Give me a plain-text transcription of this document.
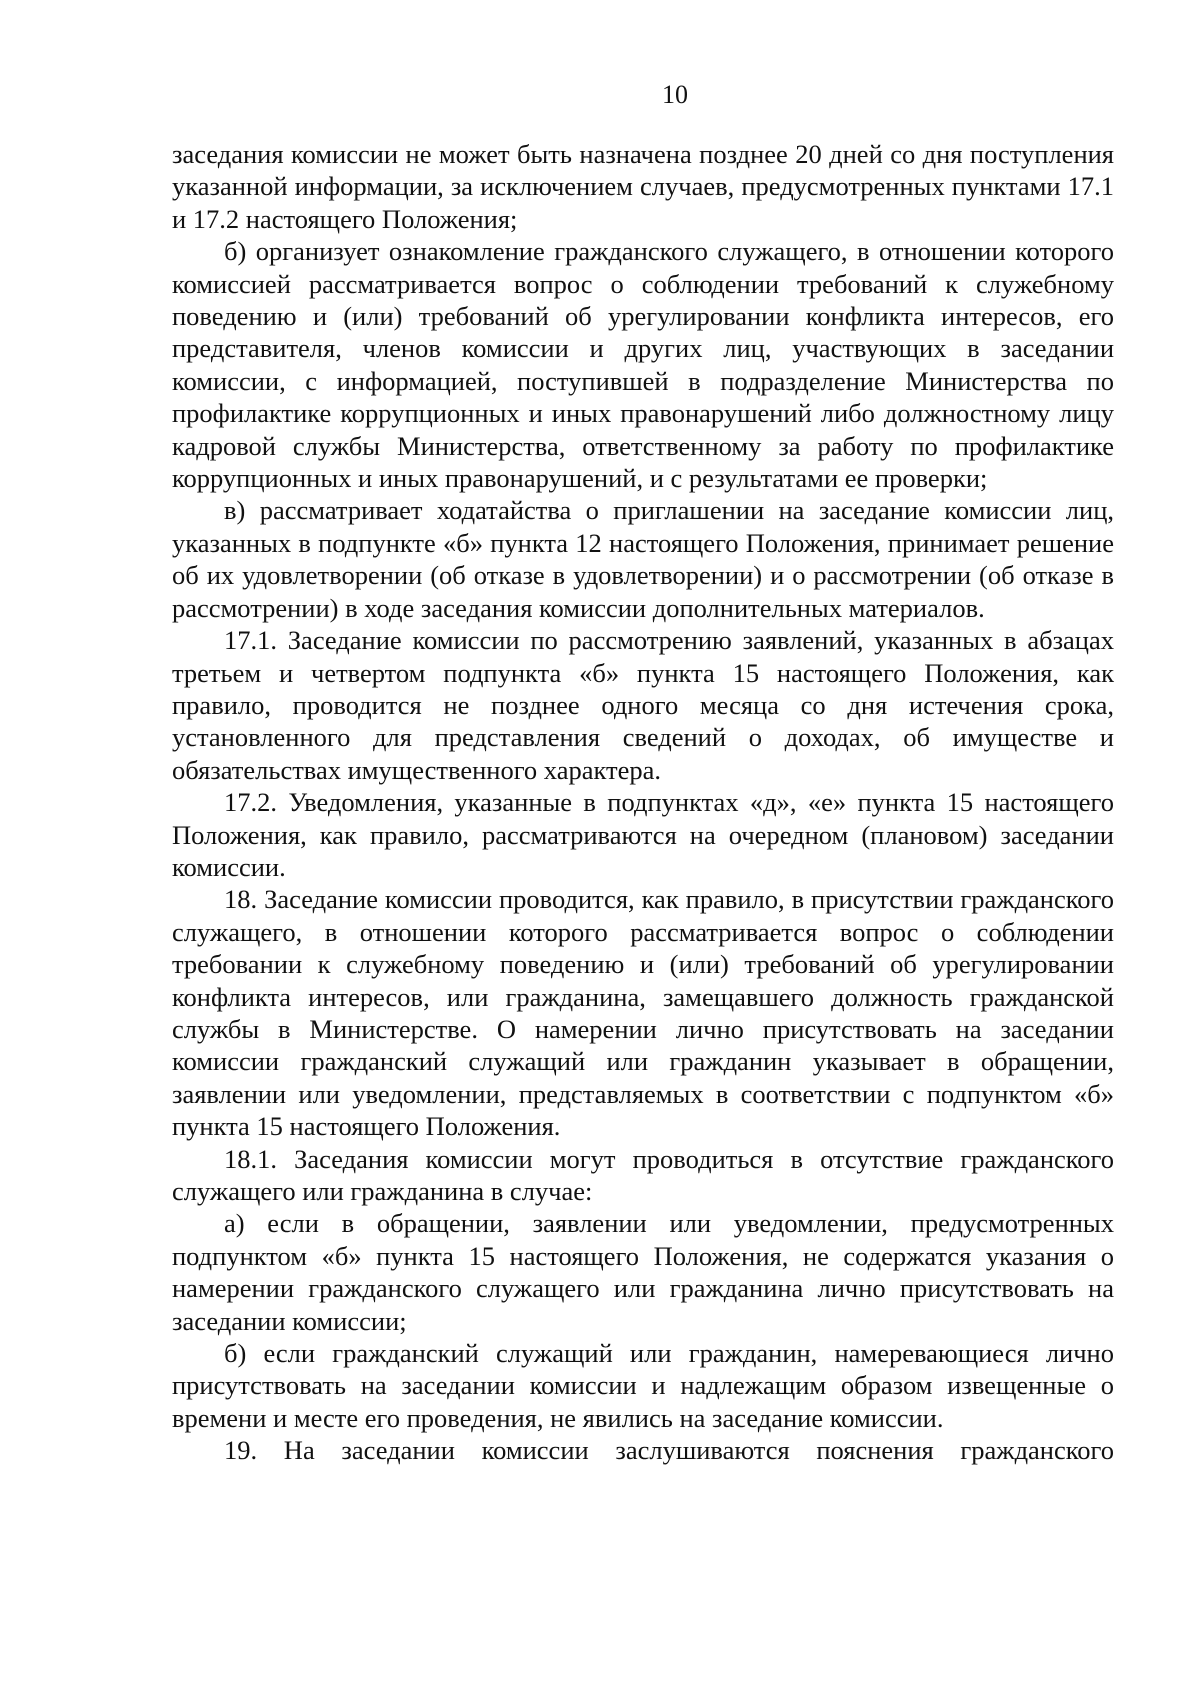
10

заседания комиссии не может быть назначена позднее 20 дней со дня поступления указанной информации, за исключением случаев, предусмотренных пунктами 17.1 и 17.2 настоящего Положения;

б) организует ознакомление гражданского служащего, в отношении которого комиссией рассматривается вопрос о соблюдении требований к служебному поведению и (или) требований об урегулировании конфликта интересов, его представителя, членов комиссии и других лиц, участвующих в заседании комиссии, с информацией, поступившей в подразделение Министерства по профилактике коррупционных и иных правонарушений либо должностному лицу кадровой службы Министерства, ответственному за работу по профилактике коррупционных и иных правонарушений, и с результатами ее проверки;

в) рассматривает ходатайства о приглашении на заседание комиссии лиц, указанных в подпункте «б» пункта 12 настоящего Положения, принимает решение об их удовлетворении (об отказе в удовлетворении) и о рассмотрении (об отказе в рассмотрении) в ходе заседания комиссии дополнительных материалов.

17.1. Заседание комиссии по рассмотрению заявлений, указанных в абзацах третьем и четвертом подпункта «б» пункта 15 настоящего Положения, как правило, проводится не позднее одного месяца со дня истечения срока, установленного для представления сведений о доходах, об имуществе и обязательствах имущественного характера.

17.2. Уведомления, указанные в подпунктах «д», «е» пункта 15 настоящего Положения, как правило, рассматриваются на очередном (плановом) заседании комиссии.

18. Заседание комиссии проводится, как правило, в присутствии гражданского служащего, в отношении которого рассматривается вопрос о соблюдении требовании к служебному поведению и (или) требований об урегулировании конфликта интересов, или гражданина, замещавшего должность гражданской службы в Министерстве. О намерении лично присутствовать на заседании комиссии гражданский служащий или гражданин указывает в обращении, заявлении или уведомлении, представляемых в соответствии с подпунктом «б» пункта 15 настоящего Положения.

18.1. Заседания комиссии могут проводиться в отсутствие гражданского служащего или гражданина в случае:

а) если в обращении, заявлении или уведомлении, предусмотренных подпунктом «б» пункта 15 настоящего Положения, не содержатся указания о намерении гражданского служащего или гражданина лично присутствовать на заседании комиссии;

б) если гражданский служащий или гражданин, намеревающиеся лично присутствовать на заседании комиссии и надлежащим образом извещенные о времени и месте его проведения, не явились на заседание комиссии.

19. На заседании комиссии заслушиваются пояснения гражданского
